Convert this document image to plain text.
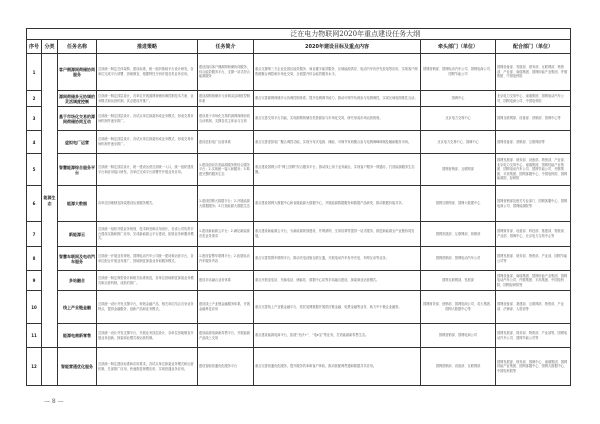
泛在电力物联网2020年重点建设任务大纲							
序号	分类	任务名称	推进策略	任务简介	2020年建设目标及重点内容	牵头部门（单位）	配合部门（单位）
1	能源生态	客户侧源网荷储协同服务	总部统一制定总体架构、建设标准，统一组织基础平台设计研发，各单位完成平台部署、因地制宜、根据特性分别开展各类业务应用。	建设面向客户侧源网荷储协同服务，综合能效服务平台，支撑一站式综合能源服务	重点支撑第三方企业及园区能效服务、商业楼宇能效服务、区域能源供应、电动汽车有序充放电等应用，实现客户侧资源聚合调控和市场化交易，全面提升综合能效服务水平。	国网营销部、国网电动汽车公司、国网电商公司、国网节能公司	国网设备部、发展部、财务部、互联网部、物资部、产业部、南瑞集团、国网综能产业集团、许继集团、中国电科院
2		源网荷储多元协调的灵活调度控制	总部统一制定顶层设计，各单位开展源网荷储协调控制技术方案、业务模式和运营机制，试点建设并推广。	建设源网荷储多元协调灵活调度控制体系	重点完善源网荷储多元协调控制体系，提升电网调节能力，推动可调节负荷参与电网调控，实现区域电网柔性互动。	国调中心	北京电力交易中心、南瑞集团、国网电动汽车公司、国网电商公司、中国电科院
3		基于市场化交易的源网荷储协同互动	总部统一制定顶层设计，各试点单位探索形成业务模式，形成交易市场机制并逐步推广。	建设基于市场化交易的源网荷储协同互动机制，支撑各类主体参与交易	重点完善交易平台功能，实现源网荷储各类资源参与市场化交易，研究形成市场运营规则。	北京电力交易中心	国网互联网部、设备部、营销部、国调中心等
4		虚拟电厂运营	总部统一制定顶层设计，各试点单位探索形成业务模式，形成交易市场机制并逐步推广。	建设虚拟电厂运营体系	重点完善虚拟电厂聚合调控功能，实现分布式电源、储能、可调节负荷聚合参与电网调峰调频及辅助服务市场。	北京电力交易中心、国调中心	国网设备部、营销部、互联网部等
5		智慧能源综合服务平台	总部统一制定顶层设计，统一建设运营总部统一入口，统一组织建设平台和应用接口研发，各单位完成平台部署并开展业务应用。	1.建设面向各类能源服务的综合服务平台；2.实现统一接入和服务；3.构建完整的服务生态	重点建设国网公司“网上国网”综合服务平台，推动线上线下业务融合，实现客户服务一网通办，打造能源服务生态圈。	国网营销部、互联网部	国网发展部、财务部、设备部、物资部、产业部、北京电力交易中心、南瑞集团、国网综能产业集团、国网电动汽车公司、国网节能公司、许继集团、平高集团、国网客服中心、中国电科院、国网能源院、经研院
6		能源大数据	各单位因地制宜探索建设运营服务模式。	1.建设国网大数据平台；2.开展能源大数据服务；3.打造能源大数据生态	重点建设国网大数据中心和省级能源大数据中心，开展能源数据服务和数据产品研发，推动数据价值共享。	国网互联网部、国网大数据中心	国网营销部及相关专业部门、国网客服中心、国网电商公司、国网能源院等
7		新能源云	总部统一组织开展业务规划、技术研发和应用设计，各省公司负责平台建设实施和推广应用，完成新能源云平台建设，拓展业务和服务模式。	1.建设新能源云平台；2.满足新能源各类业务需求	重点建设新能源云平台，为新能源规划建设、并网消纳、交易结算等提供一站式服务，推进新能源全产业链协同发展。	国网发展部、互联网部、营销部	国网财务部、设备部、科技部、基建部、物资部、产业部、国调中心、北京电力交易中心等
8		智慧车联网及电动汽车服务	总部统一开展业务规划，国网电动汽车公司统一建设和运营平台，各单位配合开展业务推广，因地制宜探索业务和服务模式。	1.建设智慧车联网平台；2.拓展电动汽车服务内容	重点完善智慧车联网平台，推动充电设施互联互通，开展电动汽车有序充电、车网互动等业务。	国网营销部、国网电动汽车公司	国网发展部、财务部、物资部、产业部、国网节能公司等
9		多站融合	总部统一制定典型设计和相关标准规范，各单位因地制宜探索业务模式和运营机制，成熟后推广。	建设多站融合业务体系	重点开展变电站、充换电站、储能站、数据中心站等多站融合建设，探索商业运营模式。	国网互联网部、发展部	国网设备部、南瑞集团、国网综能产业集团、国网电动汽车公司、许继集团、平高集团、中国电科院、国网经研院等
10		线上产业链金融	总部统一设计开发支撑平台，规划金融产品，相关单位结合自身业务特点，提供金融服务，创新产品和业务模式。	建设线上产业链金融服务体系，开展金融科技应用	重点完善线上产业链金融平台，依托电网数据开展供应链金融、电费金融等业务，助力中小微企业融资。	国网财务部、营销部、国网电商公司、英大集团、国网大数据中心等	国网设备部、基建部、互联网部、物资部、产业部、法律部、人资部等
11		能源电商新零售	总部统一设计开发支撑平台，开展业务顶层设计，各单位因地制宜开展业务创新，探索商业模式和运营机制。	建设能源电商新零售平台，开展能源产品线上交易	重点建设能源电商平台，拓展“光伏+”、“电e宝”等业务，打造能源新零售生态。	国网营销部、国网电商公司	国网发展部、财务部、物资部、产业部等，国网电动汽车公司、国网节能公司等
12		智能营通优化服务	总部统一制定建设标准和应用要求，各试点单位探索业务模式和运营机制，总部推广应用，快速推进规模应用，实现营通业务应用。	建设智能营通优化服务平台	重点完善营通优化服务，提升服务效率和客户体验，推动营配调贯通和数据共享应用。	国网营销部、设备部、互联网部	国网发展部、财务部、国调中心、南瑞集团、国网综能产业集团、国网客服中心、国网大数据中心、中国电科院等
— 8 —
